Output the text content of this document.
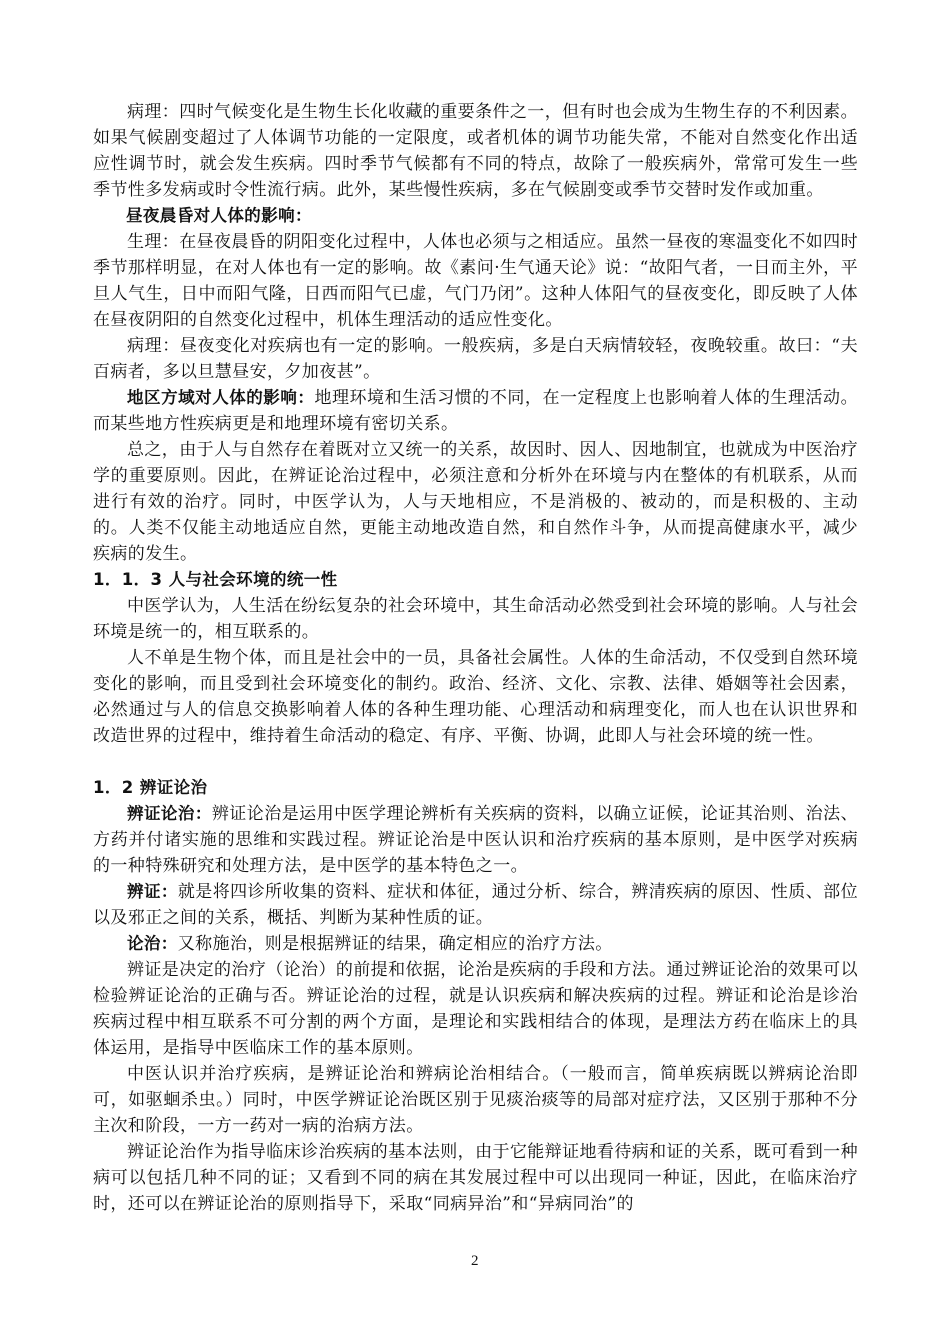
病理：四时气候变化是生物生长化收藏的重要条件之一，但有时也会成为生物生存的不利因素。如果气候剧变超过了人体调节功能的一定限度，或者机体的调节功能失常，不能对自然变化作出适应性调节时，就会发生疾病。四时季节气候都有不同的特点，故除了一般疾病外，常常可发生一些季节性多发病或时令性流行病。此外，某些慢性疾病，多在气候剧变或季节交替时发作或加重。

昼夜晨昏对人体的影响：

生理：在昼夜晨昏的阴阳变化过程中，人体也必须与之相适应。虽然一昼夜的寒温变化不如四时季节那样明显，在对人体也有一定的影响。故《素问·生气通天论》说：“故阳气者，一日而主外，平旦人气生，日中而阳气隆，日西而阳气已虚，气门乃闭”。这种人体阳气的昼夜变化，即反映了人体在昼夜阴阳的自然变化过程中，机体生理活动的适应性变化。

病理：昼夜变化对疾病也有一定的影响。一般疾病，多是白天病情较轻，夜晚较重。故曰：“夫百病者，多以旦慧昼安，夕加夜甚”。

地区方域对人体的影响：地理环境和生活习惯的不同，在一定程度上也影响着人体的生理活动。而某些地方性疾病更是和地理环境有密切关系。

总之，由于人与自然存在着既对立又统一的关系，故因时、因人、因地制宜，也就成为中医治疗学的重要原则。因此，在辨证论治过程中，必须注意和分析外在环境与内在整体的有机联系，从而进行有效的治疗。同时，中医学认为，人与天地相应，不是消极的、被动的，而是积极的、主动的。人类不仅能主动地适应自然，更能主动地改造自然，和自然作斗争，从而提高健康水平，减少疾病的发生。

1．1．3 人与社会环境的统一性

中医学认为，人生活在纷纭复杂的社会环境中，其生命活动必然受到社会环境的影响。人与社会环境是统一的，相互联系的。

人不单是生物个体，而且是社会中的一员，具备社会属性。人体的生命活动，不仅受到自然环境变化的影响，而且受到社会环境变化的制约。政治、经济、文化、宗教、法律、婚姻等社会因素，必然通过与人的信息交换影响着人体的各种生理功能、心理活动和病理变化，而人也在认识世界和改造世界的过程中，维持着生命活动的稳定、有序、平衡、协调，此即人与社会环境的统一性。

1．2 辨证论治

辨证论治：辨证论治是运用中医学理论辨析有关疾病的资料，以确立证候，论证其治则、治法、方药并付诸实施的思维和实践过程。辨证论治是中医认识和治疗疾病的基本原则，是中医学对疾病的一种特殊研究和处理方法，是中医学的基本特色之一。

辨证：就是将四诊所收集的资料、症状和体征，通过分析、综合，辨清疾病的原因、性质、部位以及邪正之间的关系，概括、判断为某种性质的证。

论治：又称施治，则是根据辨证的结果，确定相应的治疗方法。

辨证是决定的治疗（论治）的前提和依据，论治是疾病的手段和方法。通过辨证论治的效果可以检验辨证论治的正确与否。辨证论治的过程，就是认识疾病和解决疾病的过程。辨证和论治是诊治疾病过程中相互联系不可分割的两个方面，是理论和实践相结合的体现，是理法方药在临床上的具体运用，是指导中医临床工作的基本原则。

中医认识并治疗疾病，是辨证论治和辨病论治相结合。（一般而言，简单疾病既以辨病论治即可，如驱蛔杀虫。）同时，中医学辨证论治既区别于见痰治痰等的局部对症疗法，又区别于那种不分主次和阶段，一方一药对一病的治病方法。

辨证论治作为指导临床诊治疾病的基本法则，由于它能辩证地看待病和证的关系，既可看到一种病可以包括几种不同的证；又看到不同的病在其发展过程中可以出现同一种证，因此，在临床治疗时，还可以在辨证论治的原则指导下，采取“同病异治”和“异病同治”的

2
